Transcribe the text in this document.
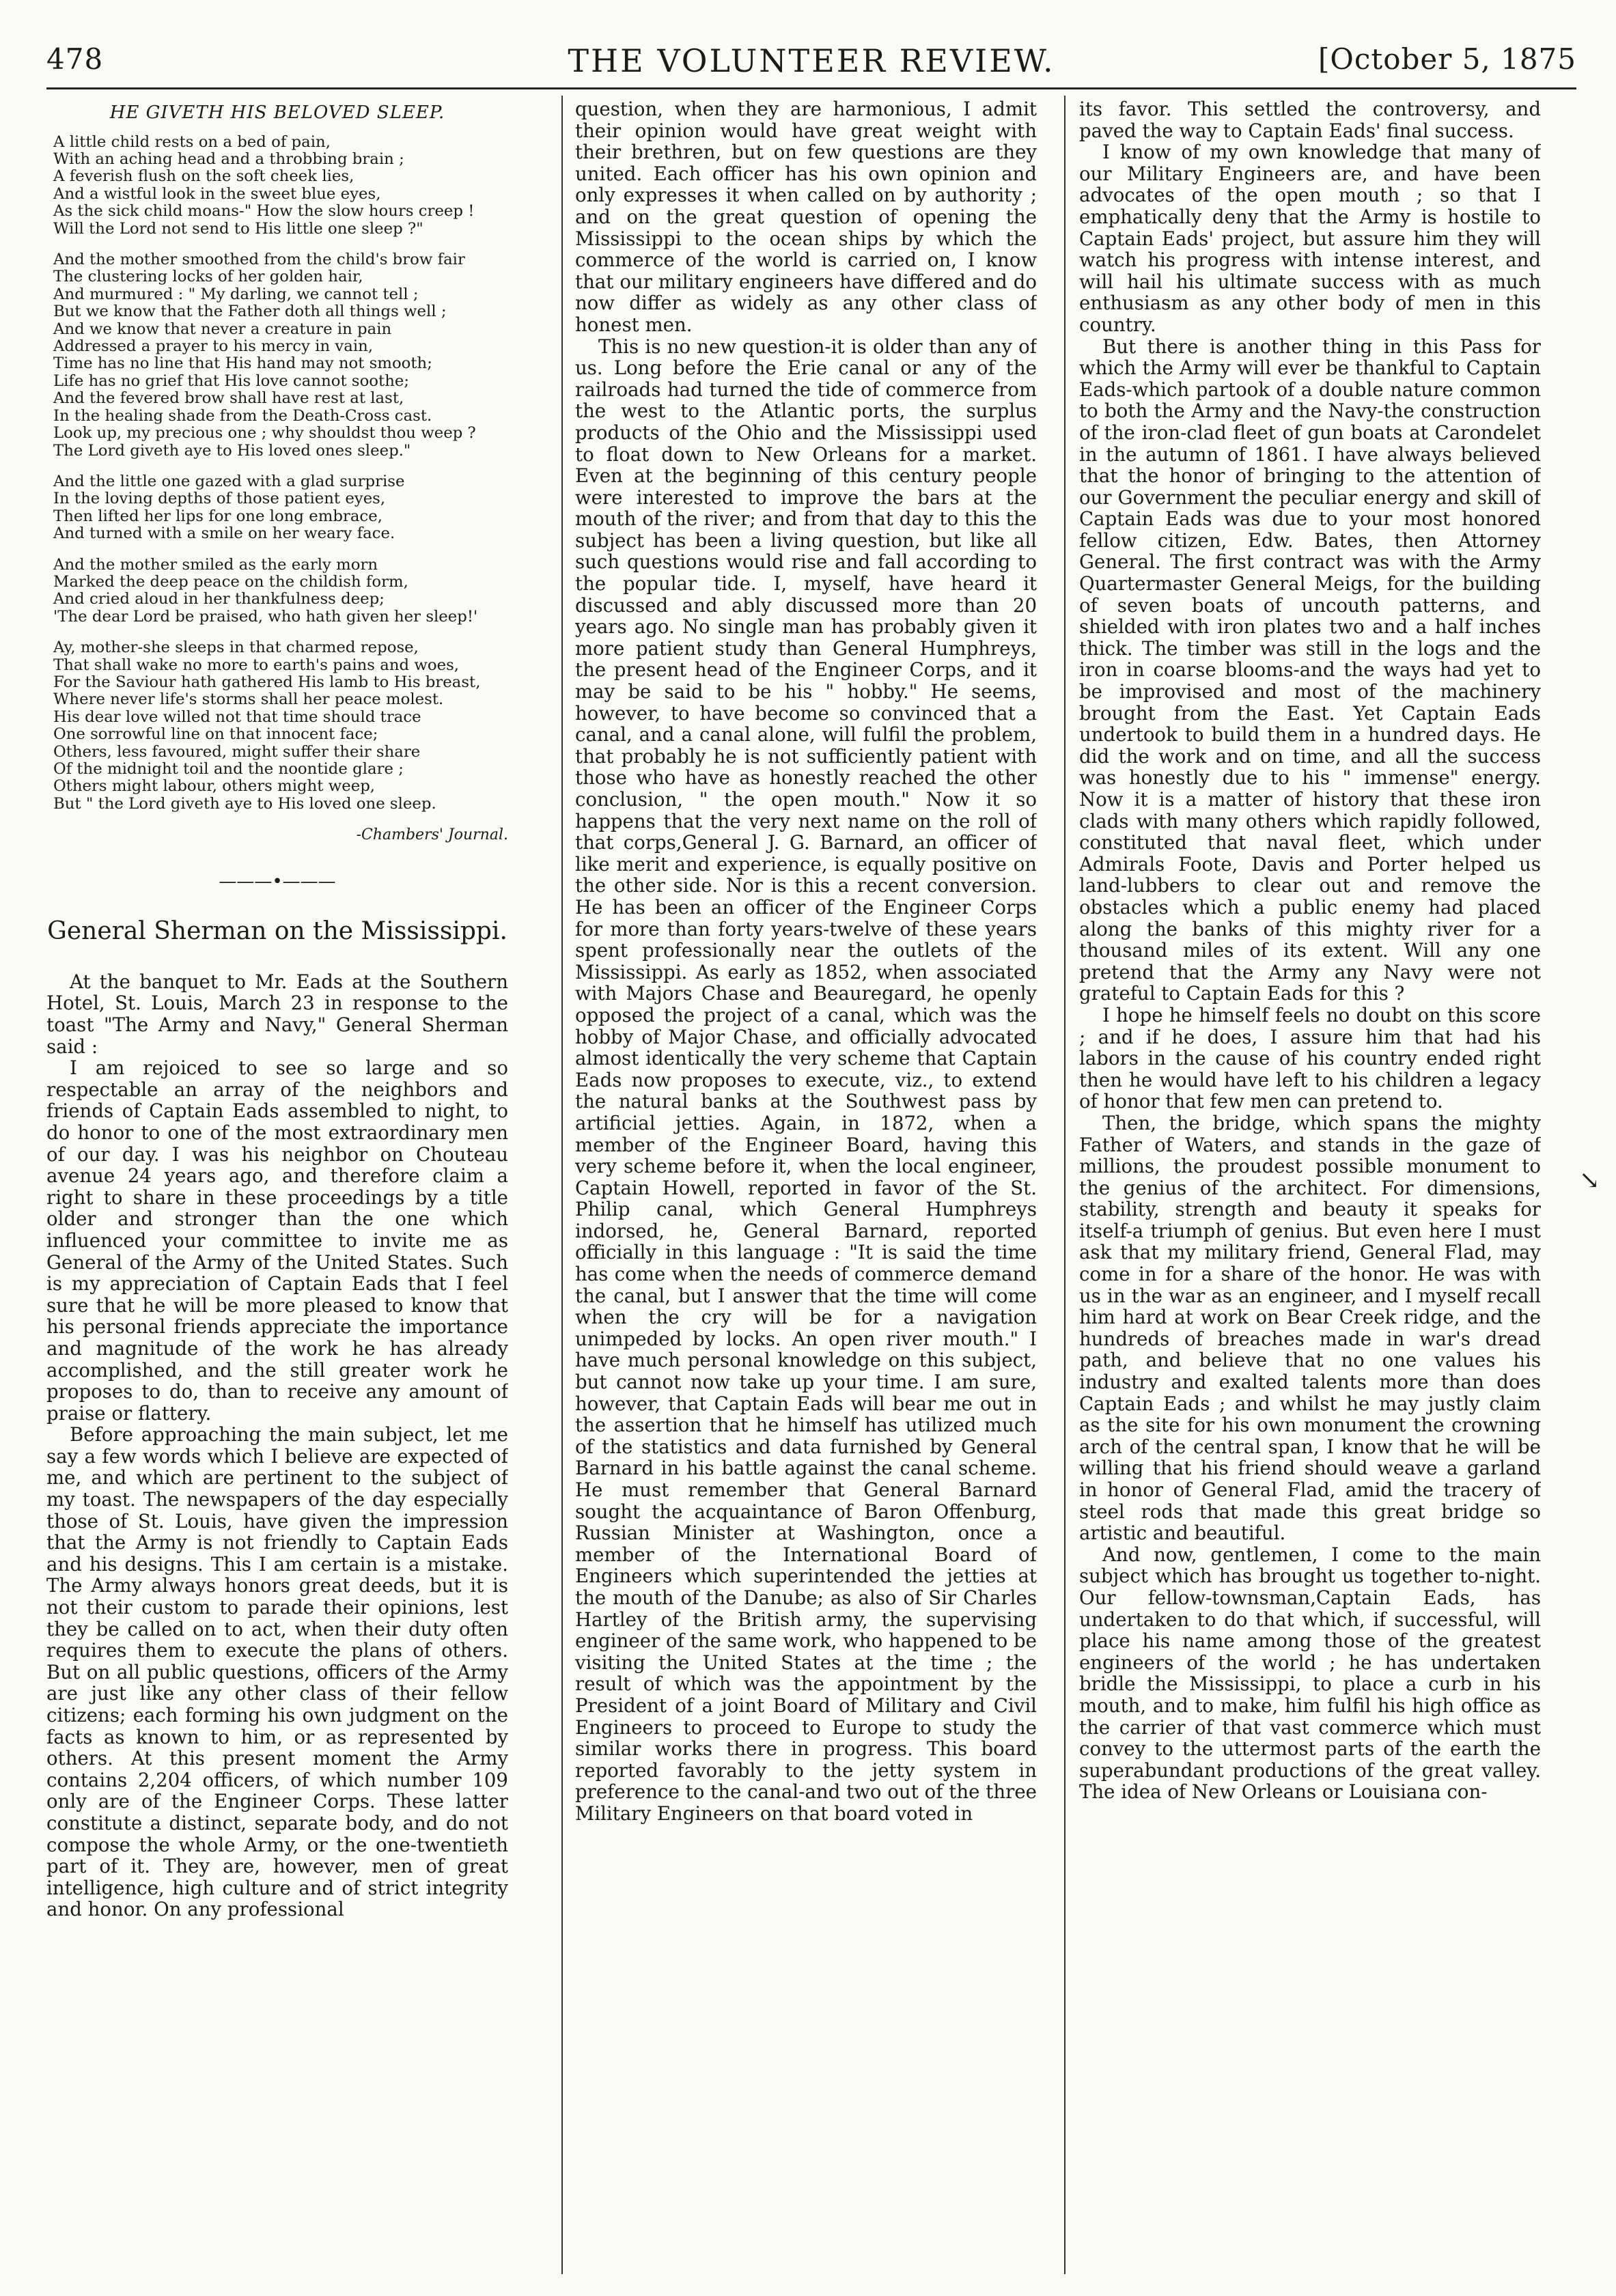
478	THE VOLUNTEER REVIEW.	[October 5, 1875
HE GIVETH HIS BELOVED SLEEP.
A little child rests on a bed of pain,
With an aching head and a throbbing brain ;
A feverish flush on the soft cheek lies,
And a wistful look in the sweet blue eyes,
As the sick child moans-" How the slow hours creep !
Will the Lord not send to His little one sleep ?"
And the mother smoothed from the child's brow fair
The clustering locks of her golden hair,
And murmured : " My darling, we cannot tell ;
But we know that the Father doth all things well ;
And we know that never a creature in pain
Addressed a prayer to his mercy in vain,
Time has no line that His hand may not smooth;
Life has no grief that His love cannot soothe;
And the fevered brow shall have rest at last,
In the healing shade from the Death-Cross cast.
Look up, my precious one ; why shouldst thou weep ?
The Lord giveth aye to His loved ones sleep."
And the little one gazed with a glad surprise
In the loving depths of those patient eyes,
Then lifted her lips for one long embrace,
And turned with a smile on her weary face.
And the mother smiled as the early morn
Marked the deep peace on the childish form,
And cried aloud in her thankfulness deep;
'The dear Lord be praised, who hath given her sleep!'
Ay, mother-she sleeps in that charmed repose,
That shall wake no more to earth's pains and woes,
For the Saviour hath gathered His lamb to His breast,
Where never life's storms shall her peace molest.
His dear love willed not that time should trace
One sorrowful line on that innocent face;
Others, less favoured, might suffer their share
Of the midnight toil and the noontide glare ;
Others might labour, others might weep,
But " the Lord giveth aye to His loved one sleep.
-Chambers' Journal.
———•———
General Sherman on the Mississippi.

At the banquet to Mr. Eads at the Southern Hotel, St. Louis, March 23 in response to the toast "The Army and Navy," General Sherman said :

I am rejoiced to see so large and so respectable an array of the neighbors and friends of Captain Eads assembled to night, to do honor to one of the most extraordinary men of our day. I was his neighbor on Chouteau avenue 24 years ago, and therefore claim a right to share in these proceedings by a title older and stronger than the one which influenced your committee to invite me as General of the Army of the United States. Such is my appreciation of Captain Eads that I feel sure that he will be more pleased to know that his personal friends appreciate the importance and magnitude of the work he has already accomplished, and the still greater work he proposes to do, than to receive any amount of praise or flattery.

Before approaching the main subject, let me say a few words which I believe are expected of me, and which are pertinent to the subject of my toast. The newspapers of the day especially those of St. Louis, have given the impression that the Army is not friendly to Captain Eads and his designs. This I am certain is a mistake. The Army always honors great deeds, but it is not their custom to parade their opinions, lest they be called on to act, when their duty often requires them to execute the plans of others. But on all public questions, officers of the Army are just like any other class of their fellow citizens; each forming his own judgment on the facts as known to him, or as represented by others. At this present moment the Army contains 2,204 officers, of which number 109 only are of the Engineer Corps. These latter constitute a distinct, separate body, and do not compose the whole Army, or the one-twentieth part of it. They are, however, men of great intelligence, high culture and of strict integrity and honor. On any professional

question, when they are harmonious, I admit their opinion would have great weight with their brethren, but on few questions are they united. Each officer has his own opinion and only expresses it when called on by authority ; and on the great question of opening the Mississippi to the ocean ships by which the commerce of the world is carried on, I know that our military engineers have differed and do now differ as widely as any other class of honest men.

This is no new question-it is older than any of us. Long before the Erie canal or any of the railroads had turned the tide of commerce from the west to the Atlantic ports, the surplus products of the Ohio and the Mississippi used to float down to New Orleans for a market. Even at the beginning of this century people were interested to improve the bars at the mouth of the river; and from that day to this the subject has been a living question, but like all such questions would rise and fall according to the popular tide. I, myself, have heard it discussed and ably discussed more than 20 years ago. No single man has probably given it more patient study than General Humphreys, the present head of the Engineer Corps, and it may be said to be his " hobby." He seems, however, to have become so convinced that a canal, and a canal alone, will fulfil the problem, that probably he is not sufficiently patient with those who have as honestly reached the other conclusion, " the open mouth." Now it so happens that the very next name on the roll of that corps,General J. G. Barnard, an officer of like merit and experience, is equally positive on the other side. Nor is this a recent conversion. He has been an officer of the Engineer Corps for more than forty years-twelve of these years spent professionally near the outlets of the Mississippi. As early as 1852, when associated with Majors Chase and Beauregard, he openly opposed the project of a canal, which was the hobby of Major Chase, and officially advocated almost identically the very scheme that Captain Eads now proposes to execute, viz., to extend the natural banks at the Southwest pass by artificial jetties. Again, in 1872, when a member of the Engineer Board, having this very scheme before it, when the local engineer, Captain Howell, reported in favor of the St. Philip canal, which General Humphreys indorsed, he, General Barnard, reported officially in this language : "It is said the time has come when the needs of commerce demand the canal, but I answer that the time will come when the cry will be for a navigation unimpeded by locks. An open river mouth." I have much personal knowledge on this subject, but cannot now take up your time. I am sure, however, that Captain Eads will bear me out in the assertion that he himself has utilized much of the statistics and data furnished by General Barnard in his battle against the canal scheme. He must remember that General Barnard sought the acquaintance of Baron Offenburg, Russian Minister at Washington, once a member of the International Board of Engineers which superintended the jetties at the mouth of the Danube; as also of Sir Charles Hartley of the British army, the supervising engineer of the same work, who happened to be visiting the United States at the time ; the result of which was the appointment by the President of a joint Board of Military and Civil Engineers to proceed to Europe to study the similar works there in progress. This board reported favorably to the jetty system in preference to the canal-and two out of the three Military Engineers on that board voted in

its favor. This settled the controversy, and paved the way to Captain Eads' final success.

I know of my own knowledge that many of our Military Engineers are, and have been advocates of the open mouth ; so that I emphatically deny that the Army is hostile to Captain Eads' project, but assure him they will watch his progress with intense interest, and will hail his ultimate success with as much enthusiasm as any other body of men in this country.

But there is another thing in this Pass for which the Army will ever be thankful to Captain Eads-which partook of a double nature common to both the Army and the Navy-the construction of the iron-clad fleet of gun boats at Carondelet in the autumn of 1861. I have always believed that the honor of bringing to the attention of our Government the peculiar energy and skill of Captain Eads was due to your most honored fellow citizen, Edw. Bates, then Attorney General. The first contract was with the Army Quartermaster General Meigs, for the building of seven boats of uncouth patterns, and shielded with iron plates two and a half inches thick. The timber was still in the logs and the iron in coarse blooms-and the ways had yet to be improvised and most of the machinery brought from the East. Yet Captain Eads undertook to build them in a hundred days. He did the work and on time, and all the success was honestly due to his " immense" energy. Now it is a matter of history that these iron clads with many others which rapidly followed, constituted that naval fleet, which under Admirals Foote, Davis and Porter helped us land-lubbers to clear out and remove the obstacles which a public enemy had placed along the banks of this mighty river for a thousand miles of its extent. Will any one pretend that the Army any Navy were not grateful to Captain Eads for this ?

I hope he himself feels no doubt on this score ; and if he does, I assure him that had his labors in the cause of his country ended right then he would have left to his children a legacy of honor that few men can pretend to.

Then, the bridge, which spans the mighty Father of Waters, and stands in the gaze of millions, the proudest possible monument to the genius of the architect. For dimensions, stability, strength and beauty it speaks for itself-a triumph of genius. But even here I must ask that my military friend, General Flad, may come in for a share of the honor. He was with us in the war as an engineer, and I myself recall him hard at work on Bear Creek ridge, and the hundreds of breaches made in war's dread path, and believe that no one values his industry and exalted talents more than does Captain Eads ; and whilst he may justly claim as the site for his own monument the crowning arch of the central span, I know that he will be willing that his friend should weave a garland in honor of General Flad, amid the tracery of steel rods that made this great bridge so artistic and beautiful.

And now, gentlemen, I come to the main subject which has brought us together to-night. Our fellow-townsman,Captain Eads, has undertaken to do that which, if successful, will place his name among those of the greatest engineers of the world ; he has undertaken bridle the Mississippi, to place a curb in his mouth, and to make, him fulfil his high office as the carrier of that vast commerce which must convey to the uttermost parts of the earth the superabundant productions of the great valley. The idea of New Orleans or Louisiana con-

↘
